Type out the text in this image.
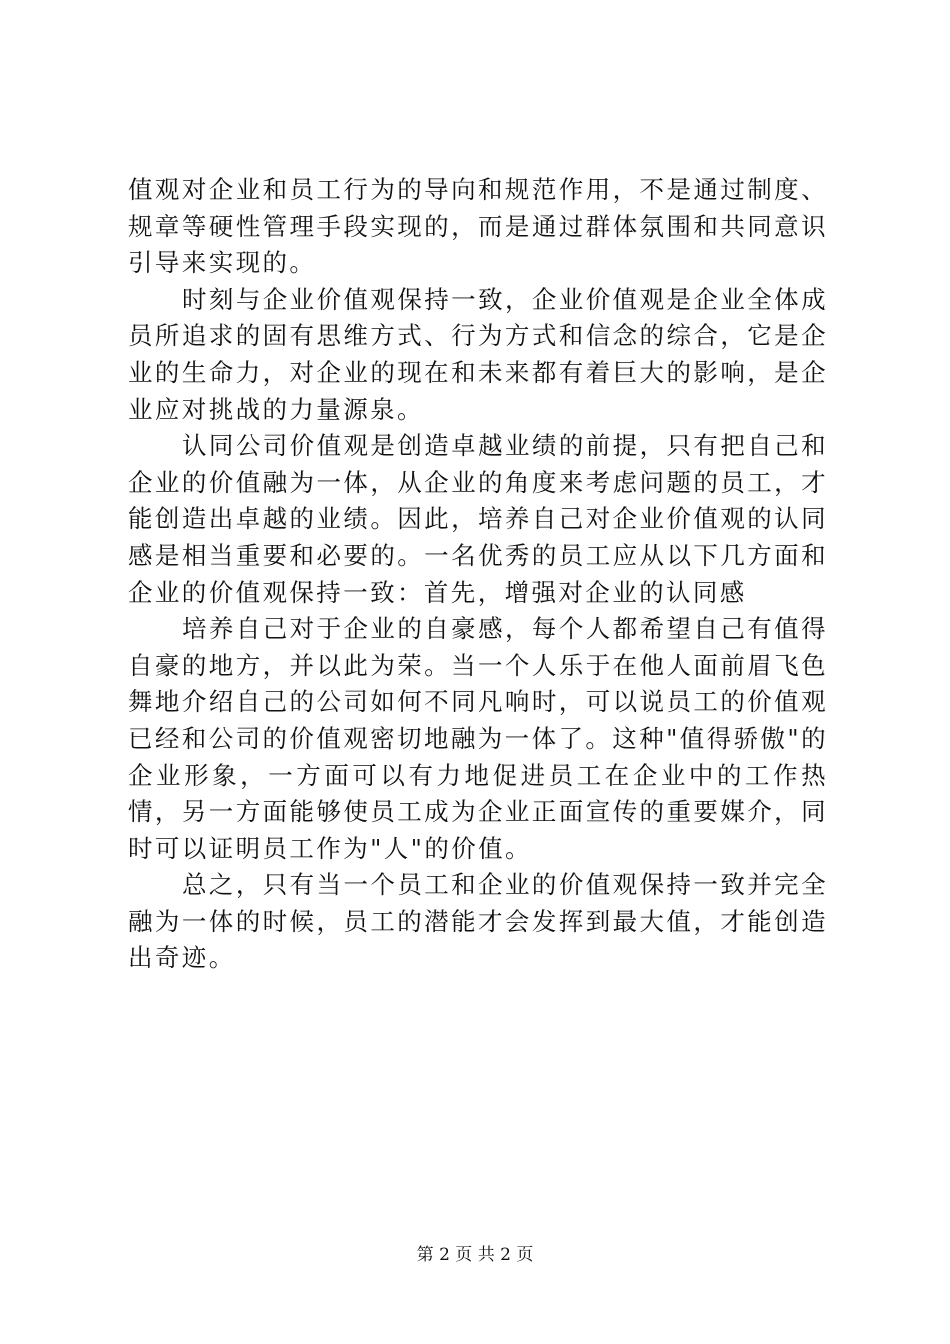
值观对企业和员工行为的导向和规范作用，不是通过制度、规章等硬性管理手段实现的，而是通过群体氛围和共同意识引导来实现的。

时刻与企业价值观保持一致，企业价值观是企业全体成员所追求的固有思维方式、行为方式和信念的综合，它是企业的生命力，对企业的现在和未来都有着巨大的影响，是企业应对挑战的力量源泉。

认同公司价值观是创造卓越业绩的前提，只有把自己和企业的价值融为一体，从企业的角度来考虑问题的员工，才能创造出卓越的业绩。因此，培养自己对企业价值观的认同感是相当重要和必要的。一名优秀的员工应从以下几方面和企业的价值观保持一致：首先，增强对企业的认同感

培养自己对于企业的自豪感，每个人都希望自己有值得自豪的地方，并以此为荣。当一个人乐于在他人面前眉飞色舞地介绍自己的公司如何不同凡响时，可以说员工的价值观已经和公司的价值观密切地融为一体了。这种"值得骄傲"的企业形象，一方面可以有力地促进员工在企业中的工作热情，另一方面能够使员工成为企业正面宣传的重要媒介，同时可以证明员工作为"人"的价值。

总之，只有当一个员工和企业的价值观保持一致并完全融为一体的时候，员工的潜能才会发挥到最大值，才能创造出奇迹。

第 2 页 共 2 页
